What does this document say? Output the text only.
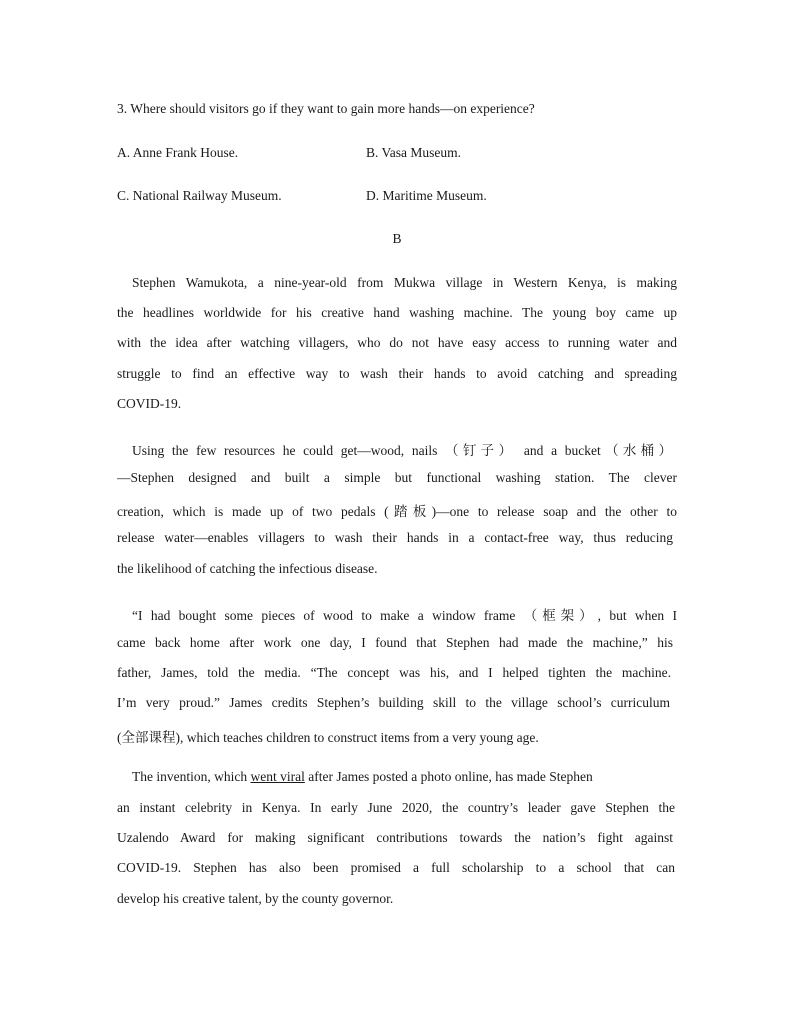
3. Where should visitors go if they want to gain more hands—on experience?
A. Anne Frank House.	B. Vasa Museum.
C. National Railway Museum.	D. Maritime Museum.
B
Stephen Wamukota, a nine-year-old from Mukwa village in Western Kenya, is making
the headlines worldwide for his creative hand washing machine. The young boy came up
with the idea after watching villagers, who do not have easy access to running water and
struggle to find an effective way to wash their hands to avoid catching and spreading
COVID-19.
Using the few resources he could get—wood, nails （钉子） and a bucket（水桶）
—Stephen designed and built a simple but functional washing station. The clever
creation, which is made up of two pedals (踏板)—one to release soap and the other to
release water—enables villagers to wash their hands in a contact-free way, thus reducing
the likelihood of catching the infectious disease.
“I had bought some pieces of wood to make a window frame （框架）, but when I
came back home after work one day, I found that Stephen had made the machine,” his
father, James, told the media. “The concept was his, and I helped tighten the machine.
I’m very proud.” James credits Stephen’s building skill to the village school’s curriculum
(全部课程), which teaches children to construct items from a very young age.
The invention, which went viral after James posted a photo online, has made Stephen
an instant celebrity in Kenya. In early June 2020, the country’s leader gave Stephen the
Uzalendo Award for making significant contributions towards the nation’s fight against
COVID-19. Stephen has also been promised a full scholarship to a school that can
develop his creative talent, by the county governor.
